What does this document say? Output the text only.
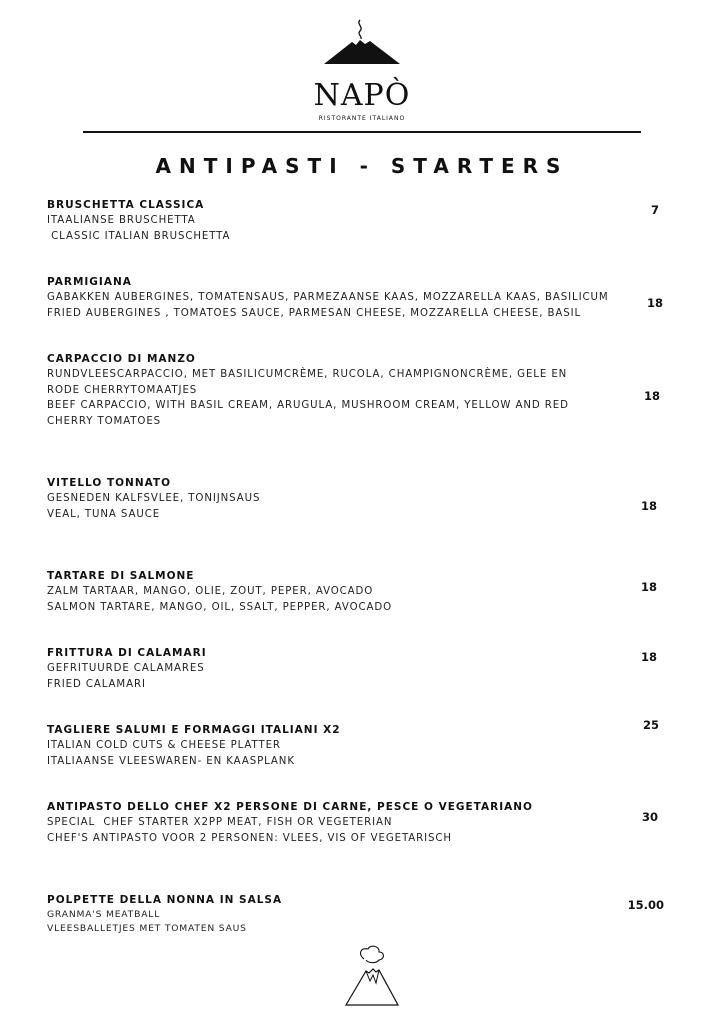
NAPÒ
RISTORANTE ITALIANO
ANTIPASTI - STARTERS
BRUSCHETTA CLASSICA
ITAALIANSE BRUSCHETTA
CLASSIC ITALIAN BRUSCHETTA
7
PARMIGIANA
GABAKKEN AUBERGINES, TOMATENSAUS, PARMEZAANSE KAAS, MOZZARELLA KAAS, BASILICUM
FRIED AUBERGINES , TOMATOES SAUCE, PARMESAN CHEESE, MOZZARELLA CHEESE, BASIL
18
CARPACCIO DI MANZO
RUNDVLEESCARPACCIO, MET BASILICUMCRÈME, RUCOLA, CHAMPIGNONCRÈME, GELE EN RODE CHERRYTOMAATJES
BEEF CARPACCIO, WITH BASIL CREAM, ARUGULA, MUSHROOM CREAM, YELLOW AND RED CHERRY TOMATOES
18
VITELLO TONNATO
GESNEDEN KALFSVLEE, TONIJNSAUS
VEAL, TUNA SAUCE
18
TARTARE DI SALMONE
ZALM TARTAAR, MANGO, OLIE, ZOUT, PEPER, AVOCADO
SALMON TARTARE, MANGO, OIL, SSALT, PEPPER, AVOCADO
18
FRITTURA DI CALAMARI
GEFRITUURDE CALAMARES
FRIED CALAMARI
18
TAGLIERE SALUMI E FORMAGGI ITALIANI X2
ITALIAN COLD CUTS & CHEESE PLATTER
ITALIAANSE VLEESWAREN- EN KAASPLANK
25
ANTIPASTO DELLO CHEF X2 PERSONE DI CARNE, PESCE O VEGETARIANO
SPECIAL  CHEF STARTER X2PP MEAT, FISH OR VEGETERIAN
CHEF'S ANTIPASTO VOOR 2 PERSONEN: VLEES, VIS OF VEGETARISCH
30
POLPETTE DELLA NONNA IN SALSA
GRANMA'S MEATBALL
VLEESBALLETJES MET TOMATEN SAUS
15.00
